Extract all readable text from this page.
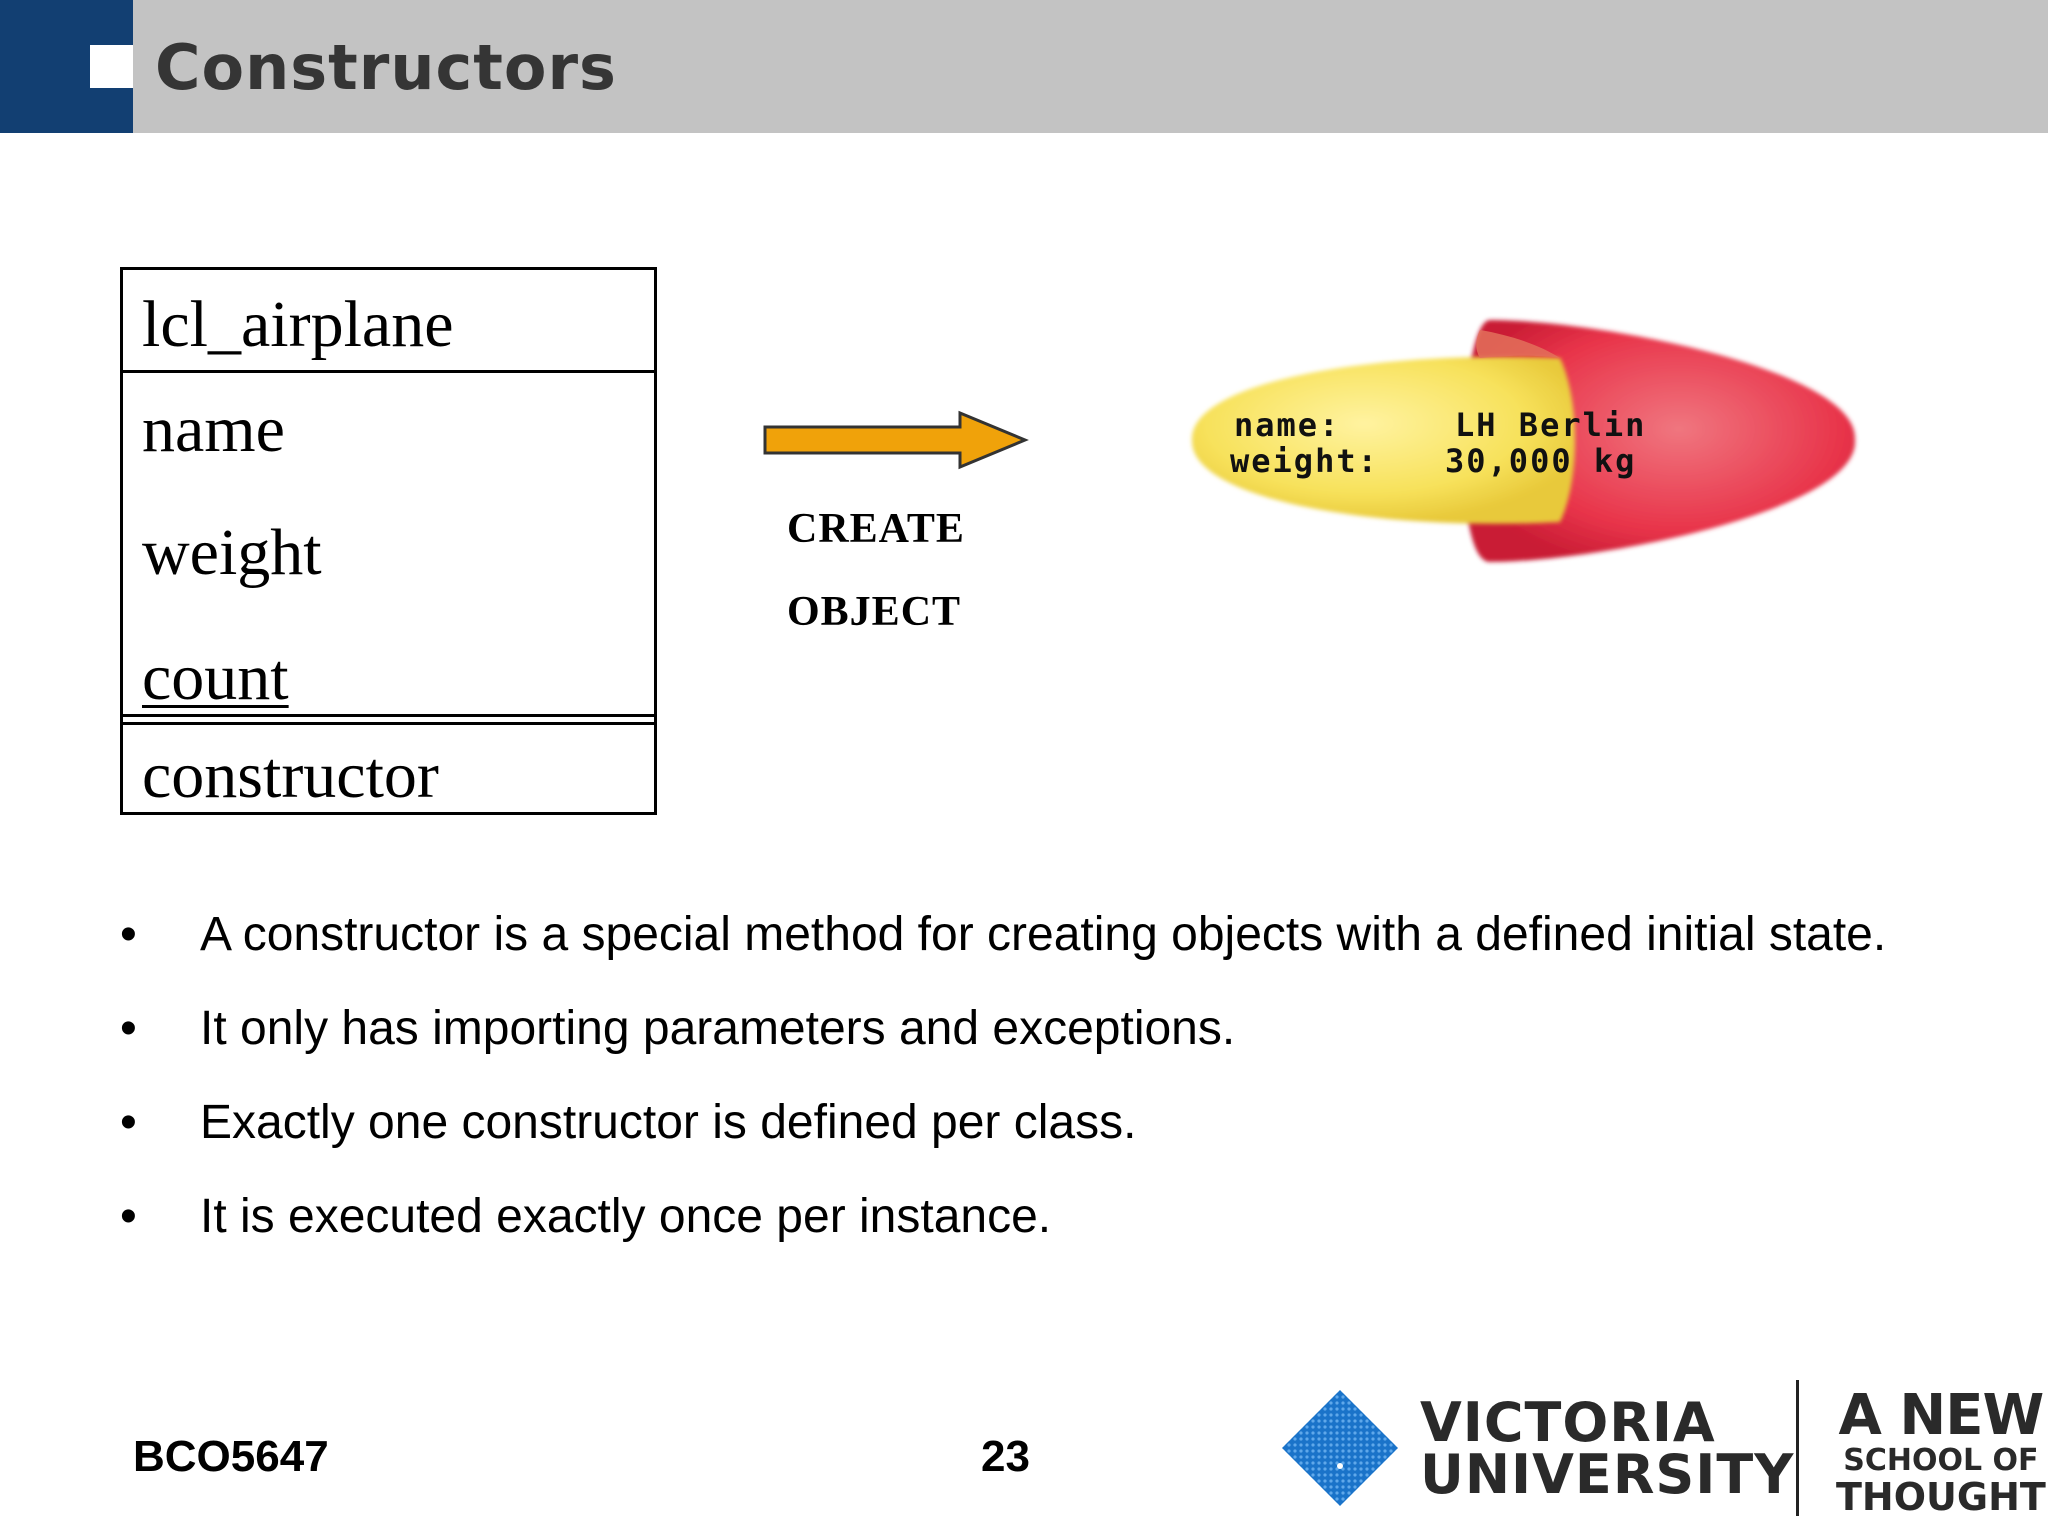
Constructors
lcl_airplane
name
weight
count
constructor
CREATE
OBJECT
name:	LH Berlin
weight: 30,000 kg
• A constructor is a special method for creating objects with a defined initial state.
• It only has importing parameters and exceptions.
• Exactly one constructor is defined per class.
• It is executed exactly once per instance.
BCO5647	23
VICTORIA
UNIVERSITY
A NEW
SCHOOL OF
THOUGHT
